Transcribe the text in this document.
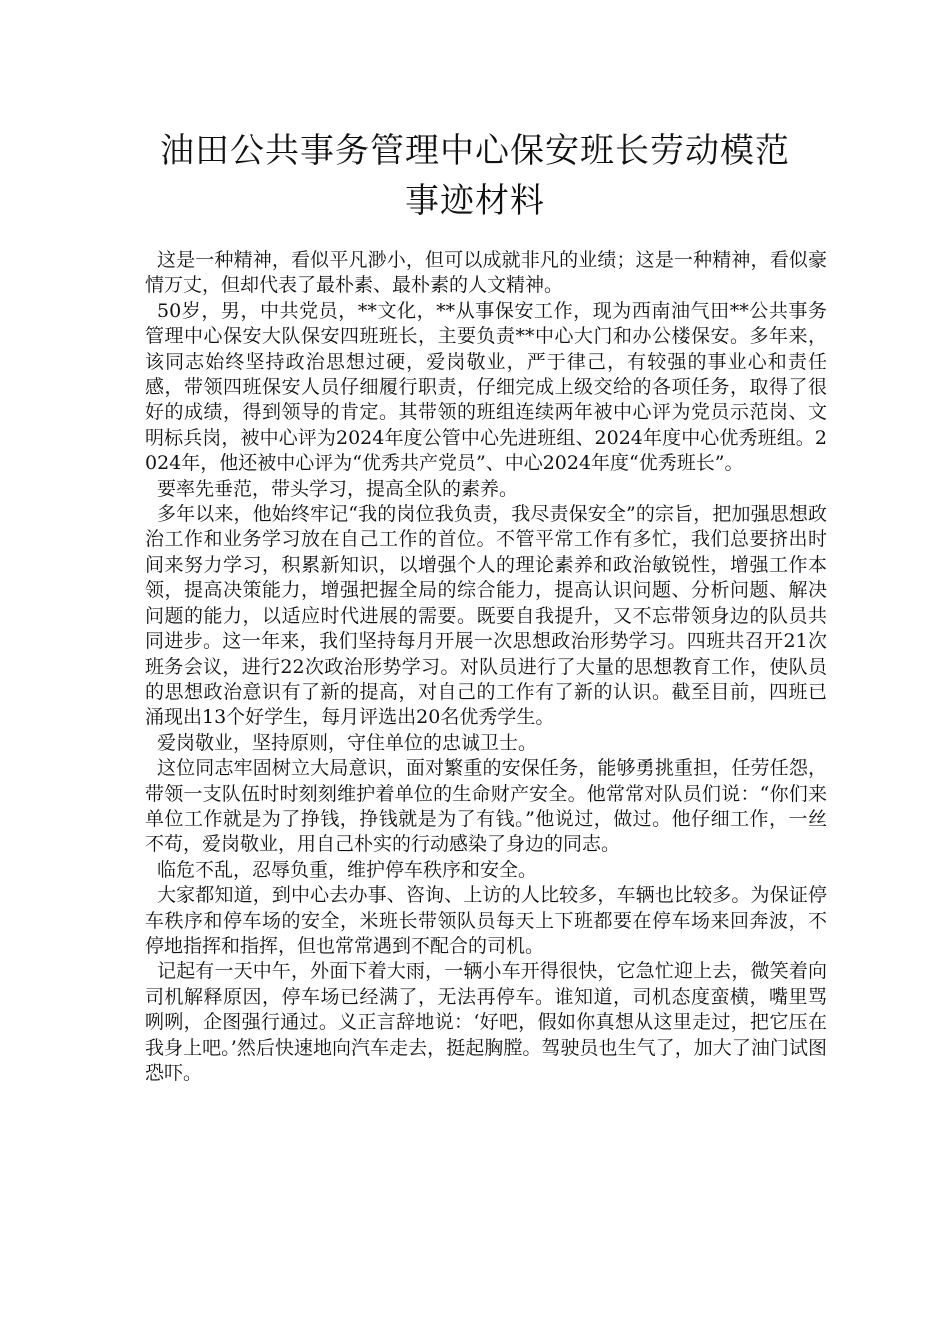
油田公共事务管理中心保安班长劳动模范
事迹材料

这是一种精神，看似平凡渺小，但可以成就非凡的业绩；这是一种精神，看似豪情万丈，但却代表了最朴素、最朴素的人文精神。

50岁，男，中共党员，**文化，**从事保安工作，现为西南油气田**公共事务管理中心保安大队保安四班班长，主要负责**中心大门和办公楼保安。多年来，该同志始终坚持政治思想过硬，爱岗敬业，严于律己，有较强的事业心和责任感，带领四班保安人员仔细履行职责，仔细完成上级交给的各项任务，取得了很好的成绩，得到领导的肯定。其带领的班组连续两年被中心评为党员示范岗、文明标兵岗，被中心评为2024年度公管中心先进班组、2024年度中心优秀班组。2024年，他还被中心评为“优秀共产党员”、中心2024年度“优秀班长”。

要率先垂范，带头学习，提高全队的素养。

多年以来，他始终牢记“我的岗位我负责，我尽责保安全”的宗旨，把加强思想政治工作和业务学习放在自己工作的首位。不管平常工作有多忙，我们总要挤出时间来努力学习，积累新知识，以增强个人的理论素养和政治敏锐性，增强工作本领，提高决策能力，增强把握全局的综合能力，提高认识问题、分析问题、解决问题的能力，以适应时代进展的需要。既要自我提升，又不忘带领身边的队员共同进步。这一年来，我们坚持每月开展一次思想政治形势学习。四班共召开21次班务会议，进行22次政治形势学习。对队员进行了大量的思想教育工作，使队员的思想政治意识有了新的提高，对自己的工作有了新的认识。截至目前，四班已涌现出13个好学生，每月评选出20名优秀学生。

爱岗敬业，坚持原则，守住单位的忠诚卫士。

这位同志牢固树立大局意识，面对繁重的安保任务，能够勇挑重担，任劳任怨，带领一支队伍时时刻刻维护着单位的生命财产安全。他常常对队员们说：“你们来单位工作就是为了挣钱，挣钱就是为了有钱。”他说过，做过。他仔细工作，一丝不苟，爱岗敬业，用自己朴实的行动感染了身边的同志。

临危不乱，忍辱负重，维护停车秩序和安全。

大家都知道，到中心去办事、咨询、上访的人比较多，车辆也比较多。为保证停车秩序和停车场的安全，米班长带领队员每天上下班都要在停车场来回奔波，不停地指挥和指挥，但也常常遇到不配合的司机。

记起有一天中午，外面下着大雨，一辆小车开得很快，它急忙迎上去，微笑着向司机解释原因，停车场已经满了，无法再停车。谁知道，司机态度蛮横，嘴里骂咧咧，企图强行通过。义正言辞地说：‘好吧，假如你真想从这里走过，把它压在我身上吧。’然后快速地向汽车走去，挺起胸膛。驾驶员也生气了，加大了油门试图恐吓。
